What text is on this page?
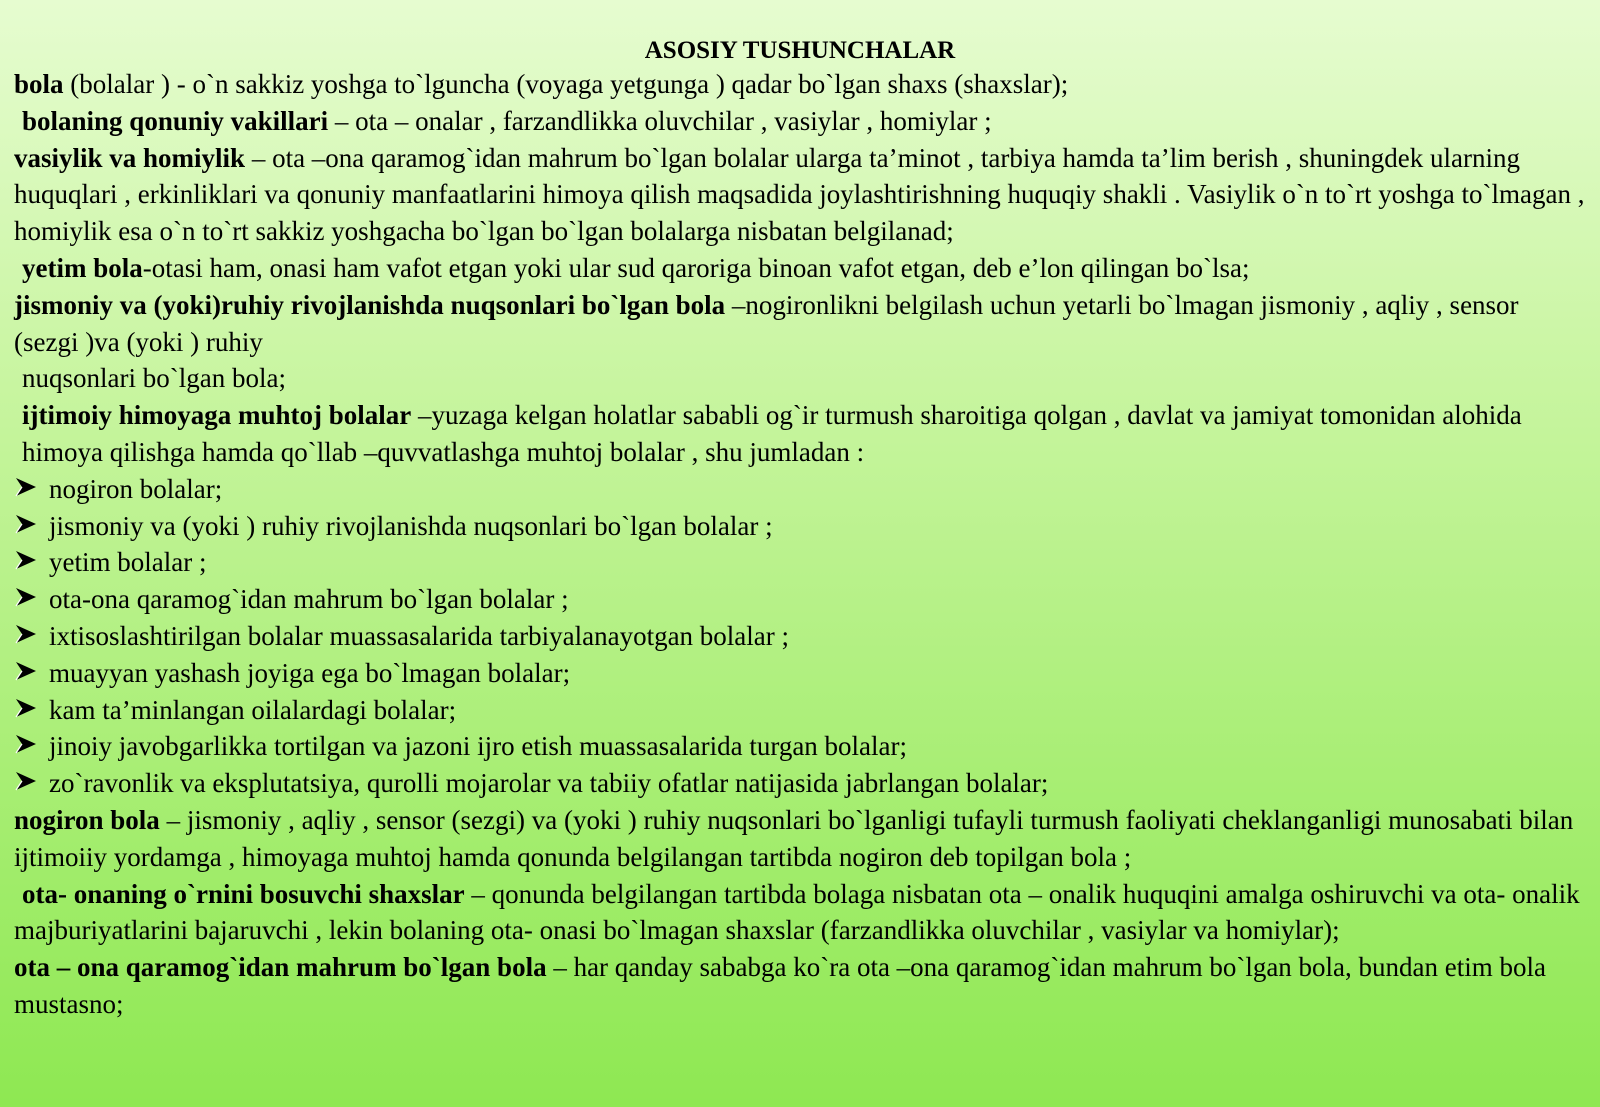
ASOSIY TUSHUNCHALAR

bola (bolalar ) - o`n sakkiz yoshga to`lguncha (voyaga yetgunga ) qadar bo`lgan shaxs (shaxslar);

bolaning qonuniy vakillari – ota – onalar , farzandlikka oluvchilar , vasiylar , homiylar ;

vasiylik va homiylik – ota –ona qaramog`idan mahrum bo`lgan bolalar ularga ta’minot , tarbiya hamda ta’lim berish , shuningdek ularning huquqlari , erkinliklari va qonuniy manfaatlarini himoya qilish maqsadida joylashtirishning huquqiy shakli . Vasiylik o`n to`rt yoshga to`lmagan , homiylik esa o`n to`rt sakkiz yoshgacha bo`lgan bo`lgan bolalarga nisbatan belgilanad;

yetim bola-otasi ham, onasi ham vafot etgan yoki ular sud qaroriga binoan vafot etgan, deb e’lon qilingan bo`lsa;

jismoniy va (yoki)ruhiy rivojlanishda nuqsonlari bo`lgan bola –nogironlikni belgilash uchun yetarli bo`lmagan jismoniy , aqliy , sensor (sezgi )va (yoki ) ruhiy

nuqsonlari bo`lgan bola;

ijtimoiy himoyaga muhtoj bolalar –yuzaga kelgan holatlar sababli og`ir turmush sharoitiga qolgan , davlat va jamiyat tomonidan alohida himoya qilishga hamda qo`llab –quvvatlashga muhtoj bolalar , shu jumladan :

nogiron bolalar;
jismoniy va (yoki ) ruhiy rivojlanishda nuqsonlari bo`lgan bolalar ;
yetim bolalar ;
ota-ona qaramog`idan mahrum bo`lgan bolalar ;
ixtisoslashtirilgan bolalar muassasalarida tarbiyalanayotgan bolalar ;
muayyan yashash joyiga ega bo`lmagan bolalar;
kam ta’minlangan oilalardagi bolalar;
jinoiy javobgarlikka tortilgan va jazoni ijro etish muassasalarida turgan bolalar;
zo`ravonlik va eksplutatsiya, qurolli mojarolar va tabiiy ofatlar natijasida jabrlangan bolalar;

nogiron bola – jismoniy , aqliy , sensor (sezgi) va (yoki ) ruhiy nuqsonlari bo`lganligi tufayli turmush faoliyati cheklanganligi munosabati bilan ijtimoiiy yordamga , himoyaga muhtoj hamda qonunda belgilangan tartibda nogiron deb topilgan bola ;

ota- onaning o`rnini bosuvchi shaxslar – qonunda belgilangan tartibda bolaga nisbatan ota – onalik huquqini amalga oshiruvchi va ota- onalik majburiyatlarini bajaruvchi , lekin bolaning ota- onasi bo`lmagan shaxslar (farzandlikka oluvchilar , vasiylar va homiylar);

ota – ona qaramog`idan mahrum bo`lgan bola – har qanday sababga ko`ra ota –ona qaramog`idan mahrum bo`lgan bola, bundan etim bola mustasno;
